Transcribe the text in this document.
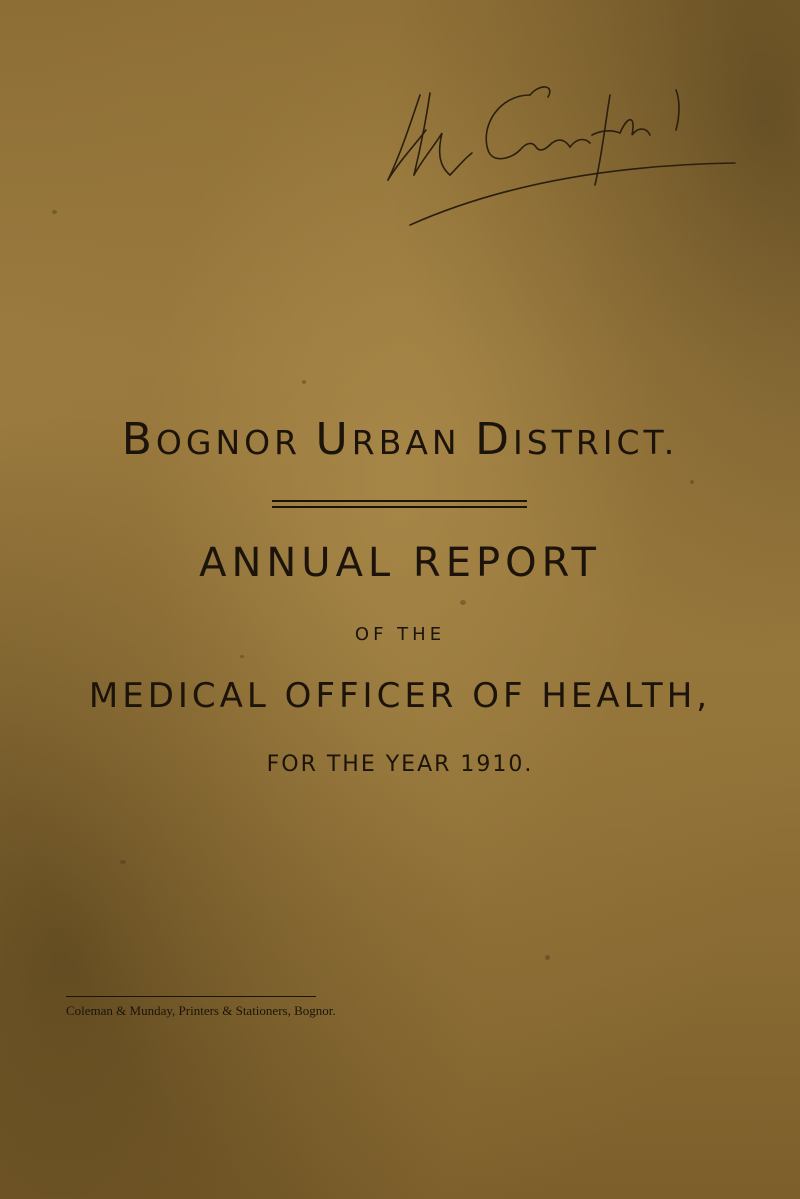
BOGNOR URBAN DISTRICT.
ANNUAL REPORT
OF THE
MEDICAL OFFICER OF HEALTH,
FOR THE YEAR 1910.
Coleman & Munday, Printers & Stationers, Bognor.
